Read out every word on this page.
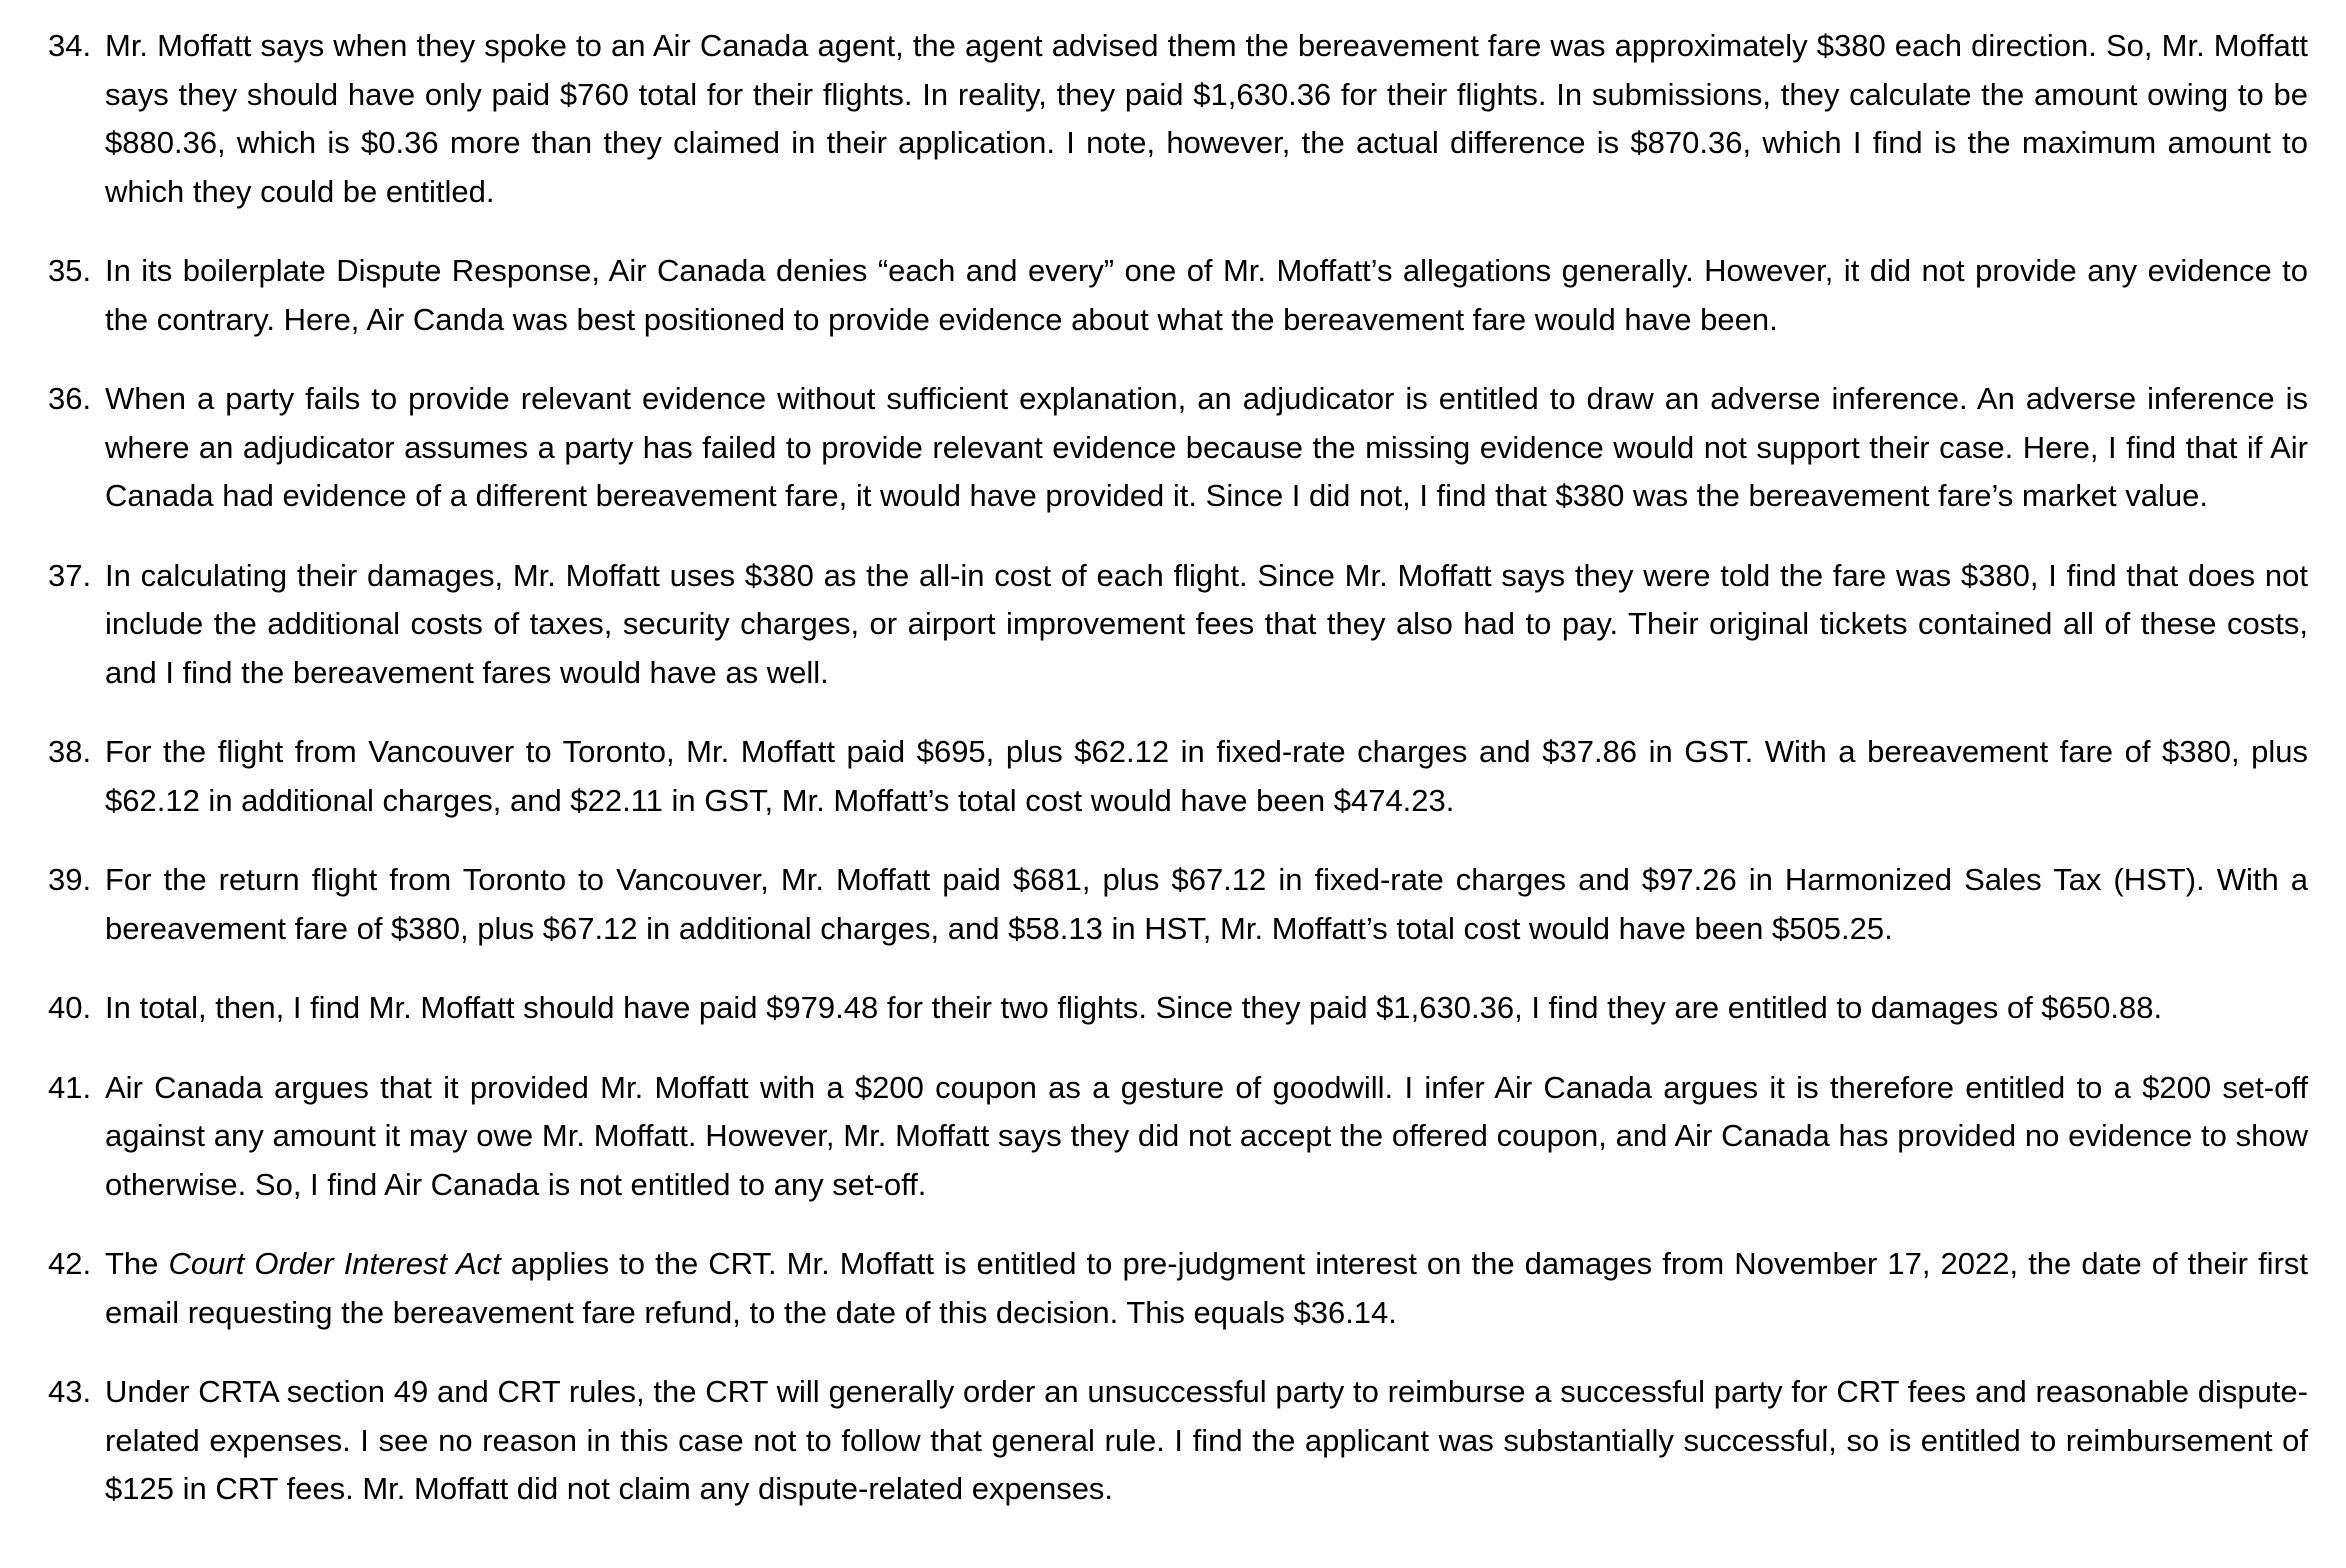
34. Mr. Moffatt says when they spoke to an Air Canada agent, the agent advised them the bereavement fare was approximately $380 each direction. So, Mr. Moffatt says they should have only paid $760 total for their flights. In reality, they paid $1,630.36 for their flights. In submissions, they calculate the amount owing to be $880.36, which is $0.36 more than they claimed in their application. I note, however, the actual difference is $870.36, which I find is the maximum amount to which they could be entitled.

35. In its boilerplate Dispute Response, Air Canada denies “each and every” one of Mr. Moffatt’s allegations generally. However, it did not provide any evidence to the contrary. Here, Air Canda was best positioned to provide evidence about what the bereavement fare would have been.

36. When a party fails to provide relevant evidence without sufficient explanation, an adjudicator is entitled to draw an adverse inference. An adverse inference is where an adjudicator assumes a party has failed to provide relevant evidence because the missing evidence would not support their case. Here, I find that if Air Canada had evidence of a different bereavement fare, it would have provided it. Since I did not, I find that $380 was the bereavement fare’s market value.

37. In calculating their damages, Mr. Moffatt uses $380 as the all-in cost of each flight. Since Mr. Moffatt says they were told the fare was $380, I find that does not include the additional costs of taxes, security charges, or airport improvement fees that they also had to pay. Their original tickets contained all of these costs, and I find the bereavement fares would have as well.

38. For the flight from Vancouver to Toronto, Mr. Moffatt paid $695, plus $62.12 in fixed-rate charges and $37.86 in GST. With a bereavement fare of $380, plus $62.12 in additional charges, and $22.11 in GST, Mr. Moffatt’s total cost would have been $474.23.

39. For the return flight from Toronto to Vancouver, Mr. Moffatt paid $681, plus $67.12 in fixed-rate charges and $97.26 in Harmonized Sales Tax (HST). With a bereavement fare of $380, plus $67.12 in additional charges, and $58.13 in HST, Mr. Moffatt’s total cost would have been $505.25.

40. In total, then, I find Mr. Moffatt should have paid $979.48 for their two flights. Since they paid $1,630.36, I find they are entitled to damages of $650.88.

41. Air Canada argues that it provided Mr. Moffatt with a $200 coupon as a gesture of goodwill. I infer Air Canada argues it is therefore entitled to a $200 set-off against any amount it may owe Mr. Moffatt. However, Mr. Moffatt says they did not accept the offered coupon, and Air Canada has provided no evidence to show otherwise. So, I find Air Canada is not entitled to any set-off.

42. The Court Order Interest Act applies to the CRT. Mr. Moffatt is entitled to pre-judgment interest on the damages from November 17, 2022, the date of their first email requesting the bereavement fare refund, to the date of this decision. This equals $36.14.

43. Under CRTA section 49 and CRT rules, the CRT will generally order an unsuccessful party to reimburse a successful party for CRT fees and reasonable dispute-related expenses. I see no reason in this case not to follow that general rule. I find the applicant was substantially successful, so is entitled to reimbursement of $125 in CRT fees. Mr. Moffatt did not claim any dispute-related expenses.
